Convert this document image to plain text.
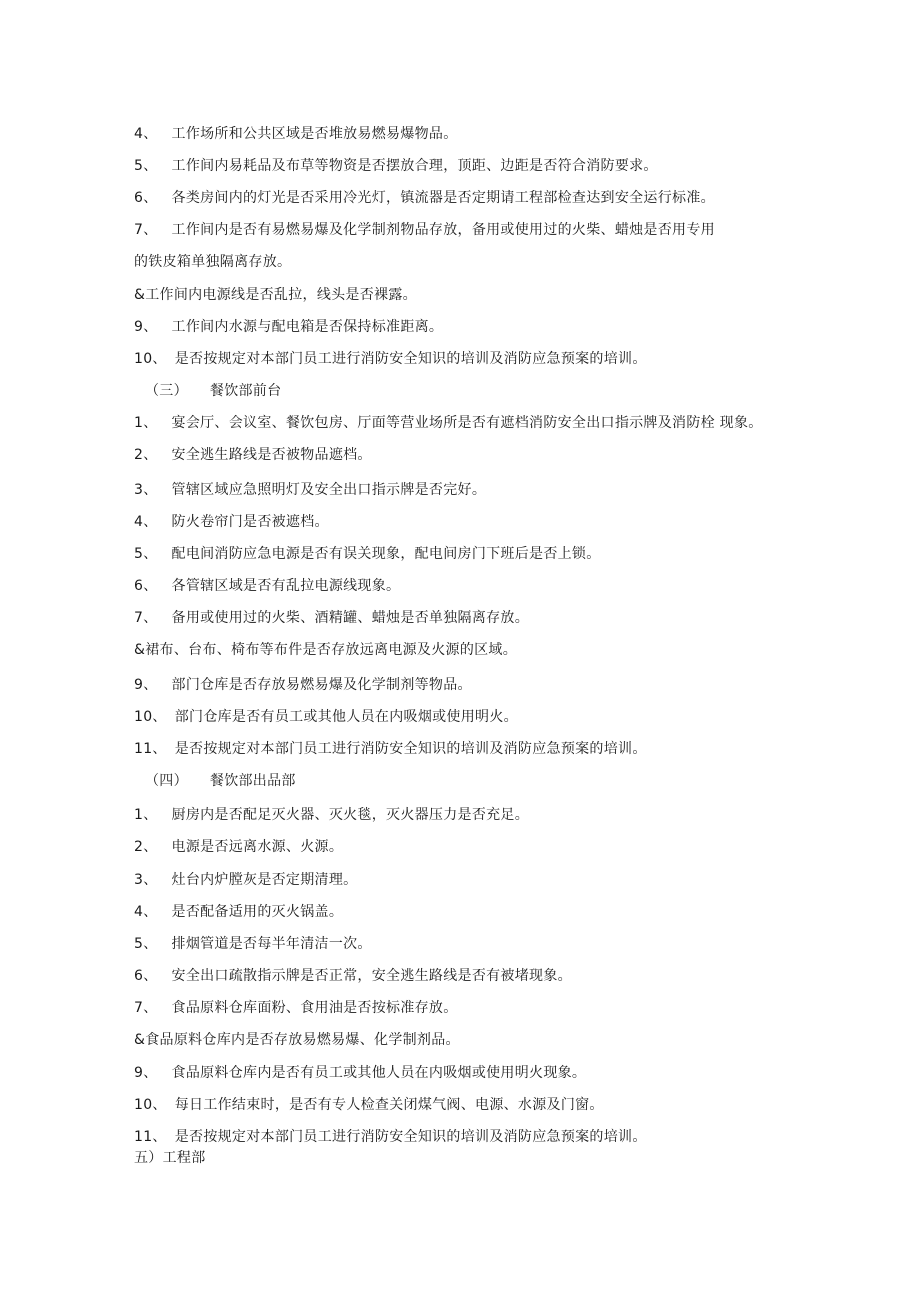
4、 工作场所和公共区域是否堆放易燃易爆物品。
5、 工作间内易耗品及布草等物资是否摆放合理，顶距、边距是否符合消防要求。
6、 各类房间内的灯光是否采用冷光灯，镇流器是否定期请工程部检查达到安全运行标准。
7、 工作间内是否有易燃易爆及化学制剂物品存放，备用或使用过的火柴、蜡烛是否用专用
的铁皮箱单独隔离存放。
&工作间内电源线是否乱拉，线头是否裸露。
9、 工作间内水源与配电箱是否保持标准距离。
10、 是否按规定对本部门员工进行消防安全知识的培训及消防应急预案的培训。
（三） 餐饮部前台
1、 宴会厅、会议室、餐饮包房、厅面等营业场所是否有遮档消防安全出口指示牌及消防栓 现象。
2、 安全逃生路线是否被物品遮档。
3、 管辖区域应急照明灯及安全出口指示牌是否完好。
4、 防火卷帘门是否被遮档。
5、 配电间消防应急电源是否有误关现象，配电间房门下班后是否上锁。
6、 各管辖区域是否有乱拉电源线现象。
7、 备用或使用过的火柴、酒精罐、蜡烛是否单独隔离存放。
&裙布、台布、椅布等布件是否存放远离电源及火源的区域。
9、 部门仓库是否存放易燃易爆及化学制剂等物品。
10、 部门仓库是否有员工或其他人员在内吸烟或使用明火。
11、 是否按规定对本部门员工进行消防安全知识的培训及消防应急预案的培训。
（四） 餐饮部出品部
1、 厨房内是否配足灭火器、灭火毯，灭火器压力是否充足。
2、 电源是否远离水源、火源。
3、 灶台内炉膛灰是否定期清理。
4、 是否配备适用的灭火锅盖。
5、 排烟管道是否每半年清洁一次。
6、 安全出口疏散指示牌是否正常，安全逃生路线是否有被堵现象。
7、 食品原料仓库面粉、食用油是否按标准存放。
&食品原料仓库内是否存放易燃易爆、化学制剂品。
9、 食品原料仓库内是否有员工或其他人员在内吸烟或使用明火现象。
10、 每日工作结束时，是否有专人检查关闭煤气阀、电源、水源及门窗。
11、 是否按规定对本部门员工进行消防安全知识的培训及消防应急预案的培训。
五）工程部
